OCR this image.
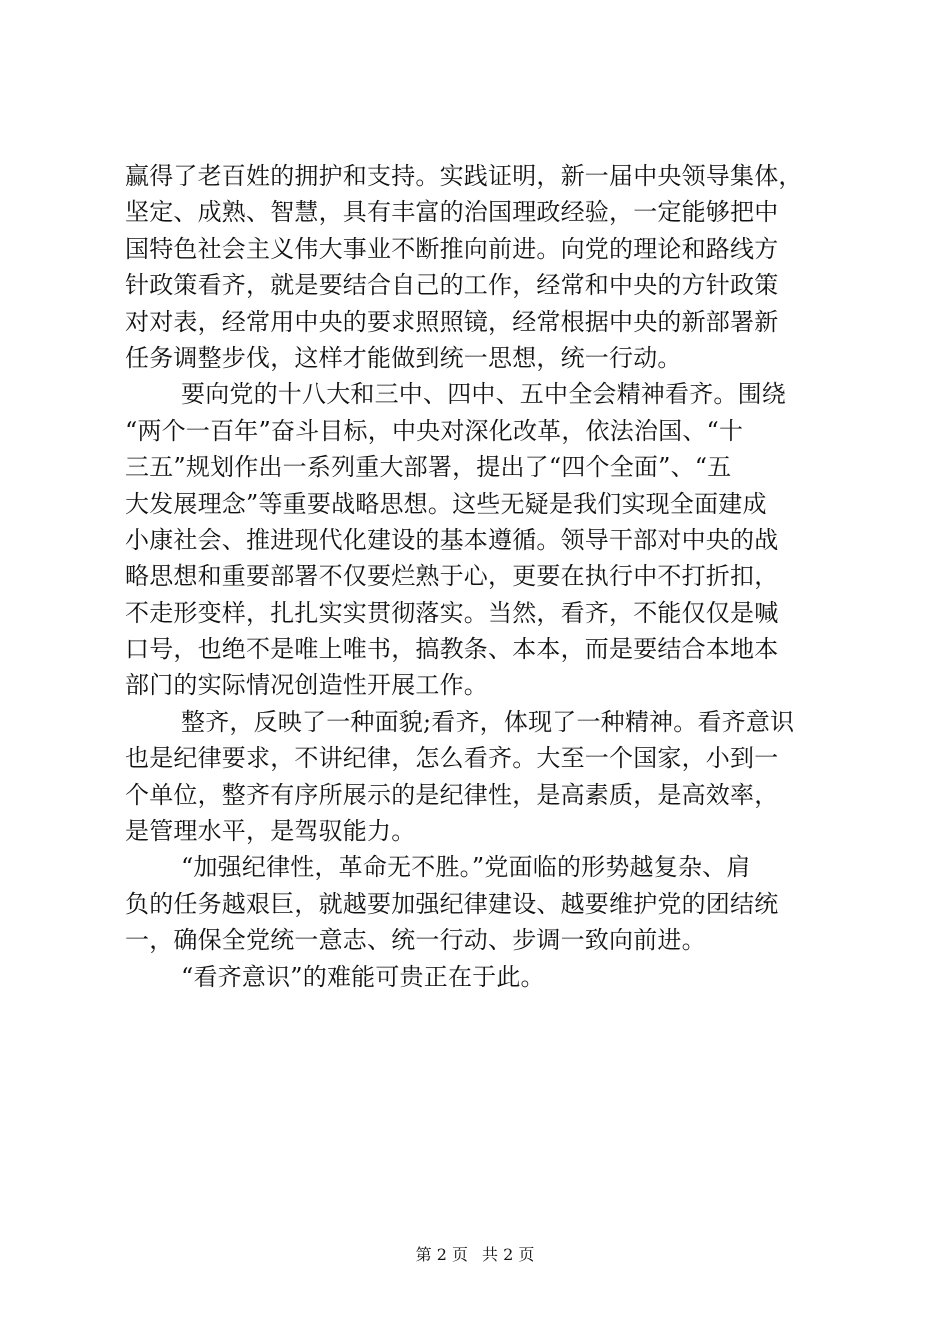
赢得了老百姓的拥护和支持。实践证明，新一届中央领导集体，
坚定、成熟、智慧，具有丰富的治国理政经验，一定能够把中
国特色社会主义伟大事业不断推向前进。向党的理论和路线方
针政策看齐，就是要结合自己的工作，经常和中央的方针政策
对对表，经常用中央的要求照照镜，经常根据中央的新部署新
任务调整步伐，这样才能做到统一思想，统一行动。
要向党的十八大和三中、四中、五中全会精神看齐。围绕
“两个一百年”奋斗目标，中央对深化改革，依法治国、“十
三五”规划作出一系列重大部署，提出了“四个全面”、“五
大发展理念”等重要战略思想。这些无疑是我们实现全面建成
小康社会、推进现代化建设的基本遵循。领导干部对中央的战
略思想和重要部署不仅要烂熟于心，更要在执行中不打折扣，
不走形变样，扎扎实实贯彻落实。当然，看齐，不能仅仅是喊
口号，也绝不是唯上唯书，搞教条、本本，而是要结合本地本
部门的实际情况创造性开展工作。
整齐，反映了一种面貌;看齐，体现了一种精神。看齐意识
也是纪律要求，不讲纪律，怎么看齐。大至一个国家，小到一
个单位，整齐有序所展示的是纪律性，是高素质，是高效率，
是管理水平，是驾驭能力。
“加强纪律性，革命无不胜。”党面临的形势越复杂、肩
负的任务越艰巨，就越要加强纪律建设、越要维护党的团结统
一，确保全党统一意志、统一行动、步调一致向前进。
“看齐意识”的难能可贵正在于此。
第 2 页 共 2 页
